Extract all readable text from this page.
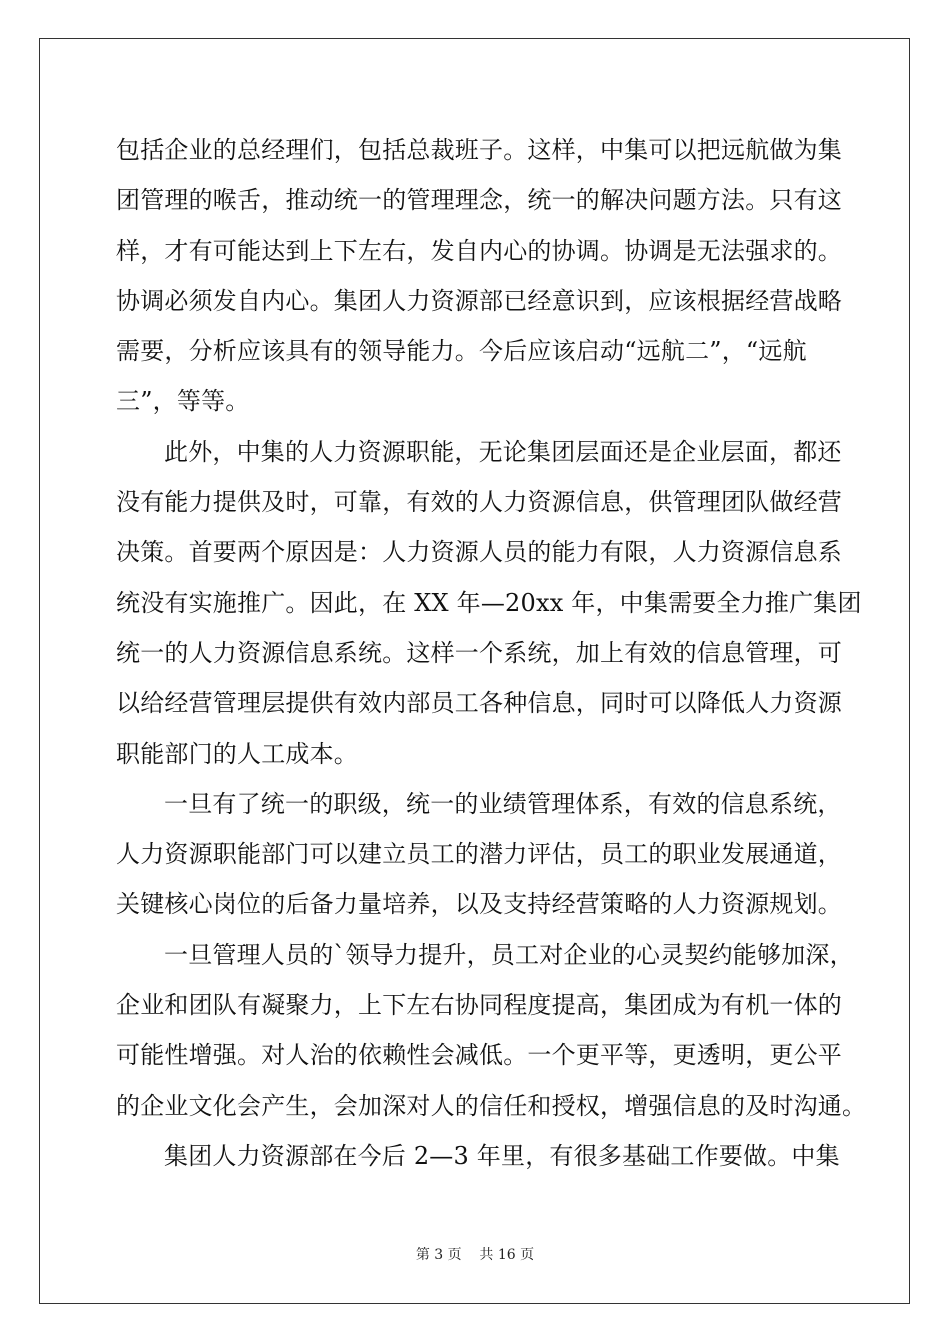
包括企业的总经理们，包括总裁班子。这样，中集可以把远航做为集
团管理的喉舌，推动统一的管理理念，统一的解决问题方法。只有这
样，才有可能达到上下左右，发自内心的协调。协调是无法强求的。
协调必须发自内心。集团人力资源部已经意识到，应该根据经营战略
需要，分析应该具有的领导能力。今后应该启动“远航二”，“远航
三”，等等。
此外，中集的人力资源职能，无论集团层面还是企业层面，都还
没有能力提供及时，可靠，有效的人力资源信息，供管理团队做经营
决策。首要两个原因是：人力资源人员的能力有限，人力资源信息系
统没有实施推广。因此，在 XX 年—20xx 年，中集需要全力推广集团
统一的人力资源信息系统。这样一个系统，加上有效的信息管理，可
以给经营管理层提供有效内部员工各种信息，同时可以降低人力资源
职能部门的人工成本。
一旦有了统一的职级，统一的业绩管理体系，有效的信息系统，
人力资源职能部门可以建立员工的潜力评估，员工的职业发展通道，
关键核心岗位的后备力量培养，以及支持经营策略的人力资源规划。
一旦管理人员的`领导力提升，员工对企业的心灵契约能够加深，
企业和团队有凝聚力，上下左右协同程度提高，集团成为有机一体的
可能性增强。对人治的依赖性会减低。一个更平等，更透明，更公平
的企业文化会产生，会加深对人的信任和授权，增强信息的及时沟通。
集团人力资源部在今后 2—3 年里，有很多基础工作要做。中集
第 3 页    共 16 页
